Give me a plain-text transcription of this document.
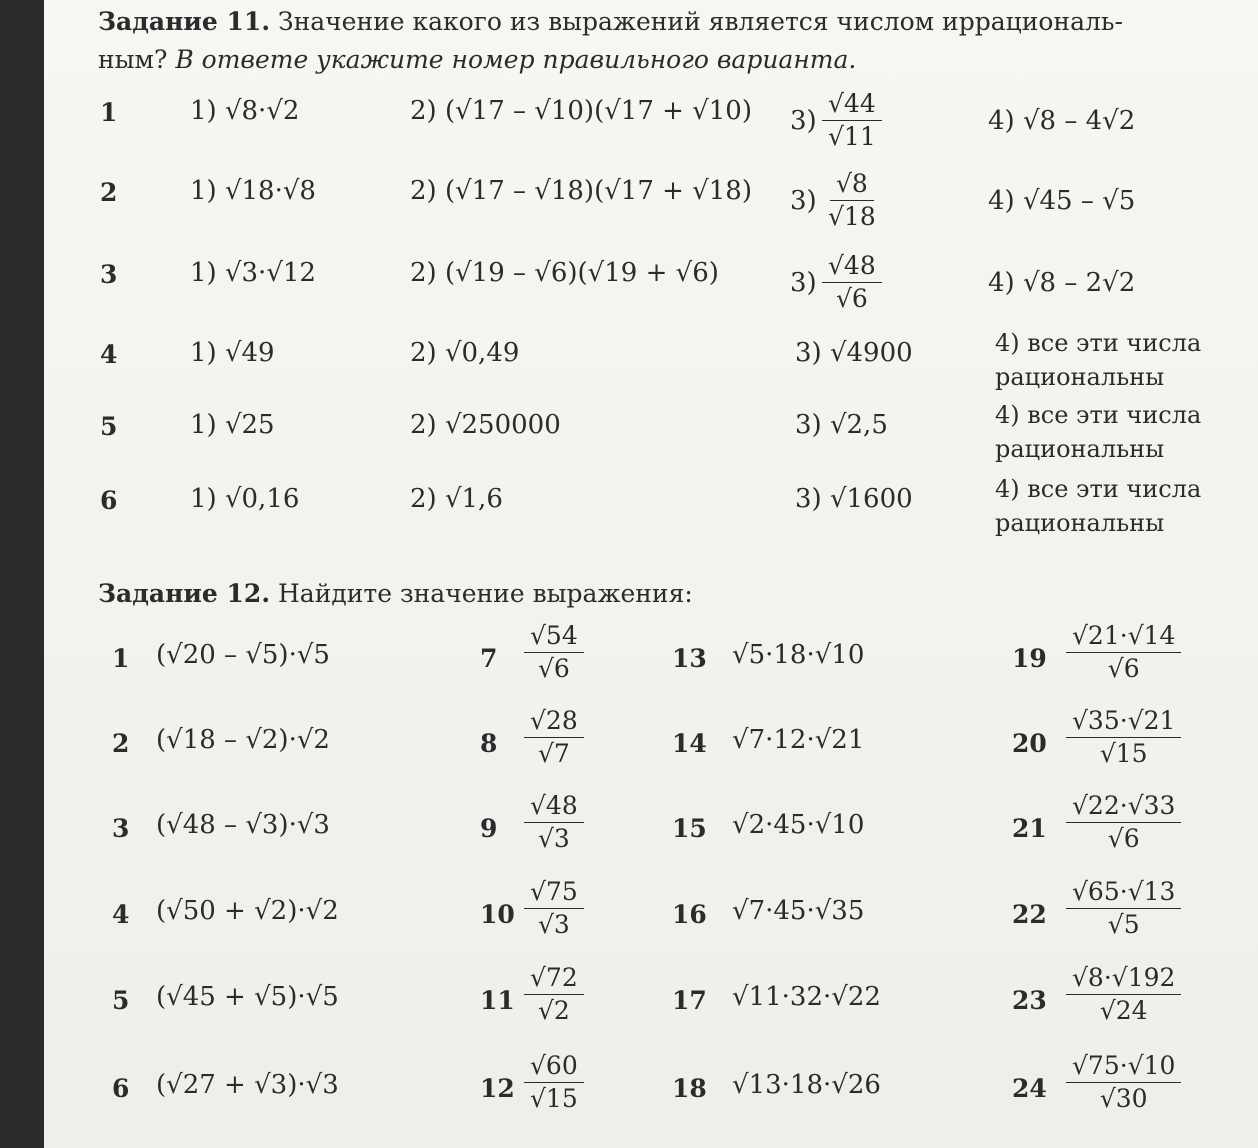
Задание 11. Значение какого из выражений является числом иррациональ-
ным? В ответе укажите номер правильного варианта.
1	1) √8·√2	2) (√17 – √10)(√17 + √10) $3) \frac{√44}{√11}$	4) √8 – 4√2
2	1) √18·√8	2) (√17 – √18)(√17 + √18) $3) \frac{√8}{√18}$	4) √45 – √5
3	1) √3·√12	2) (√19 – √6)(√19 + √6)	$3) \frac{√48}{√6}$	4) √8 – 2√2
4	1) √49	2) √0,49	3) √4900	4) все эти числа рациональны
5	1) √25	2) √250000	3) √2,5	4) все эти числа рациональны
6	1) √0,16	2) √1,6	3) √1600	4) все эти числа рациональны
Задание 12. Найдите значение выражения:
1 (√20 – √5)·√5	$7 \frac{√54}{√6}$	13 √5·18·√10	$19 \frac{√21\cdot√14}{√6}$
2 (√18 – √2)·√2	$8 \frac{√28}{√7}$	14 √7·12·√21	$20 \frac{√35\cdot√21}{√15}$
3 (√48 – √3)·√3	$9 \frac{√48}{√3}$	15 √2·45·√10	$21 \frac{√22\cdot√33}{√6}$
4 (√50 + √2)·√2	$10 \frac{√75}{√3}$	16 √7·45·√35	$22 \frac{√65\cdot√13}{√5}$
5 (√45 + √5)·√5	$11 \frac{√72}{√2}$	17 √11·32·√22	$23 \frac{√8\cdot√192}{√24}$
6 (√27 + √3)·√3	$12 \frac{√60}{√15}$	18 √13·18·√26	$24 \frac{√75\cdot√10}{√30}$
